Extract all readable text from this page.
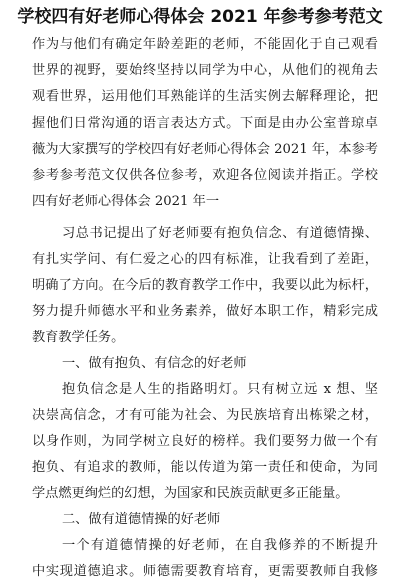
学校四有好老师心得体会 2021 年参考参考范文
作为与他们有确定年龄差距的老师，不能固化于自己观看
世界的视野，要始终坚持以同学为中心，从他们的视角去
观看世界，运用他们耳熟能详的生活实例去解释理论，把
握他们日常沟通的语言表达方式。下面是由办公室普琼卓
薇为大家撰写的学校四有好老师心得体会 2021 年，本参考
参考参考范文仅供各位参考，欢迎各位阅读并指正。学校
四有好老师心得体会 2021 年一
习总书记提出了好老师要有抱负信念、有道德情操、
有扎实学问、有仁爱之心的四有标准，让我看到了差距，
明确了方向。在今后的教育教学工作中，我要以此为标杆，
努力提升师德水平和业务素养，做好本职工作，精彩完成
教育教学任务。
一、做有抱负、有信念的好老师
抱负信念是人生的指路明灯。只有树立远 x 想、坚
决崇高信念，才有可能为社会、为民族培育出栋梁之材，
以身作则，为同学树立良好的榜样。我们要努力做一个有
抱负、有追求的教师，能以传道为第一责任和使命，为同
学点燃更绚烂的幻想，为国家和民族贡献更多正能量。
二、做有道德情操的好老师
一个有道德情操的好老师，在自我修养的不断提升
中实现道德追求。师德需要教育培育，更需要教师自我修
